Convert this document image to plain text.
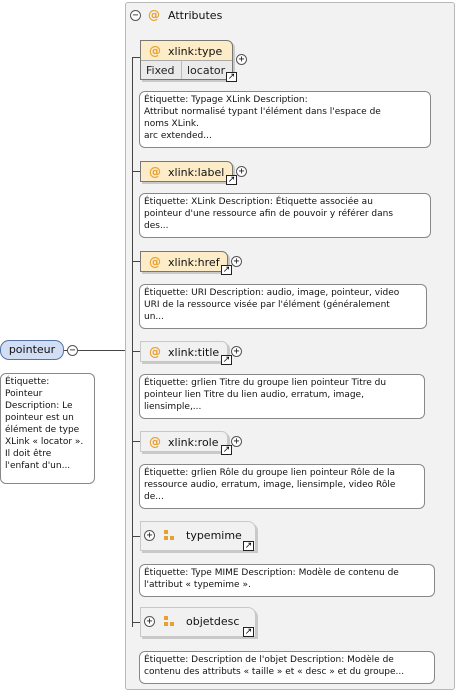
pointeur	−
Étiquette:
Pointeur
Description: Le
pointeur est un
élément de type
XLink « locator ».
Il doit être
l'enfant d'un...
− @ Attributes
@ xlink:type
Fixed locator ↗
+
Étiquette: Typage XLink Description:
Attribut normalisé typant l'élément dans l'espace de
noms XLink.
arc extended...
@ xlink:label
↗
+
Étiquette: XLink Description: Étiquette associée au
pointeur d'une ressource afin de pouvoir y référer dans
des...
@ xlink:href
↗
+
Étiquette: URI Description: audio, image, pointeur, video
URI de la ressource visée par l'élément (généralement
un...
@ xlink:title
↗
+
Étiquette: grlien Titre du groupe lien pointeur Titre du
pointeur lien Titre du lien audio, erratum, image,
liensimple,...
@ xlink:role
↗
+
Étiquette: grlien Rôle du groupe lien pointeur Rôle de la
ressource audio, erratum, image, liensimple, video Rôle
de...
+	typemime
↗
Étiquette: Type MIME Description: Modèle de contenu de
l'attribut « typemime ».
+	objetdesc
↗
Étiquette: Description de l'objet Description: Modèle de
contenu des attributs « taille » et « desc » et du groupe...
